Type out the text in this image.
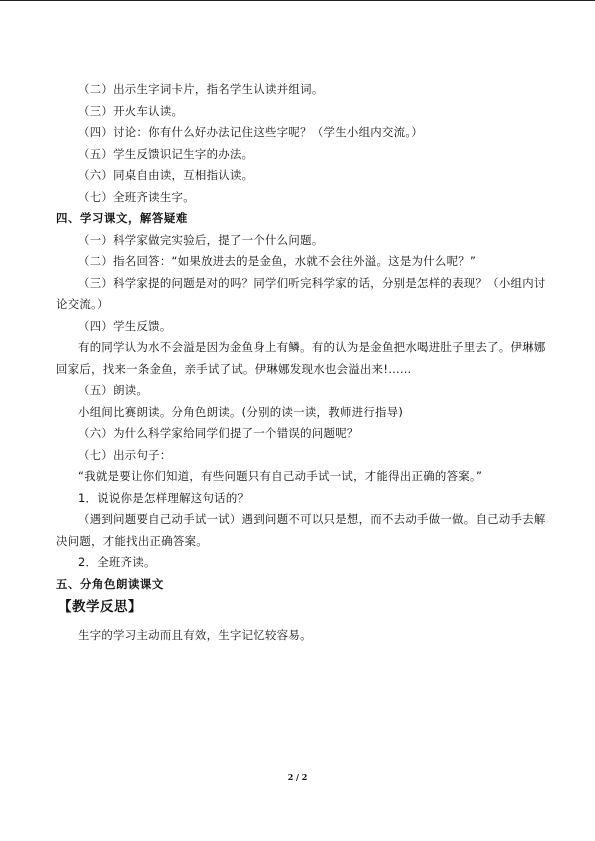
（二）出示生字词卡片，指名学生认读并组词。
（三）开火车认读。
（四）讨论：你有什么好办法记住这些字呢？（学生小组内交流。）
（五）学生反馈识记生字的办法。
（六）同桌自由读，互相指认读。
（七）全班齐读生字。
四、学习课文，解答疑难
（一）科学家做完实验后，提了一个什么问题。
（二）指名回答：“如果放进去的是金鱼，水就不会往外溢。这是为什么呢？”
（三）科学家提的问题是对的吗？同学们听完科学家的话，分别是怎样的表现？（小组内讨论交流。）
（四）学生反馈。
有的同学认为水不会溢是因为金鱼身上有鳞。有的认为是金鱼把水喝进肚子里去了。伊琳娜回家后，找来一条金鱼，亲手试了试。伊琳娜发现水也会溢出来!……
（五）朗读。
小组间比赛朗读。分角色朗读。(分别的读一读，教师进行指导)
（六）为什么科学家给同学们提了一个错误的问题呢？
（七）出示句子：
“我就是要让你们知道，有些问题只有自己动手试一试，才能得出正确的答案。”
1．说说你是怎样理解这句话的？
（遇到问题要自己动手试一试）遇到问题不可以只是想，而不去动手做一做。自己动手去解决问题，才能找出正确答案。
2．全班齐读。
五、分角色朗读课文
【教学反思】
生字的学习主动而且有效，生字记忆较容易。
2 / 2
